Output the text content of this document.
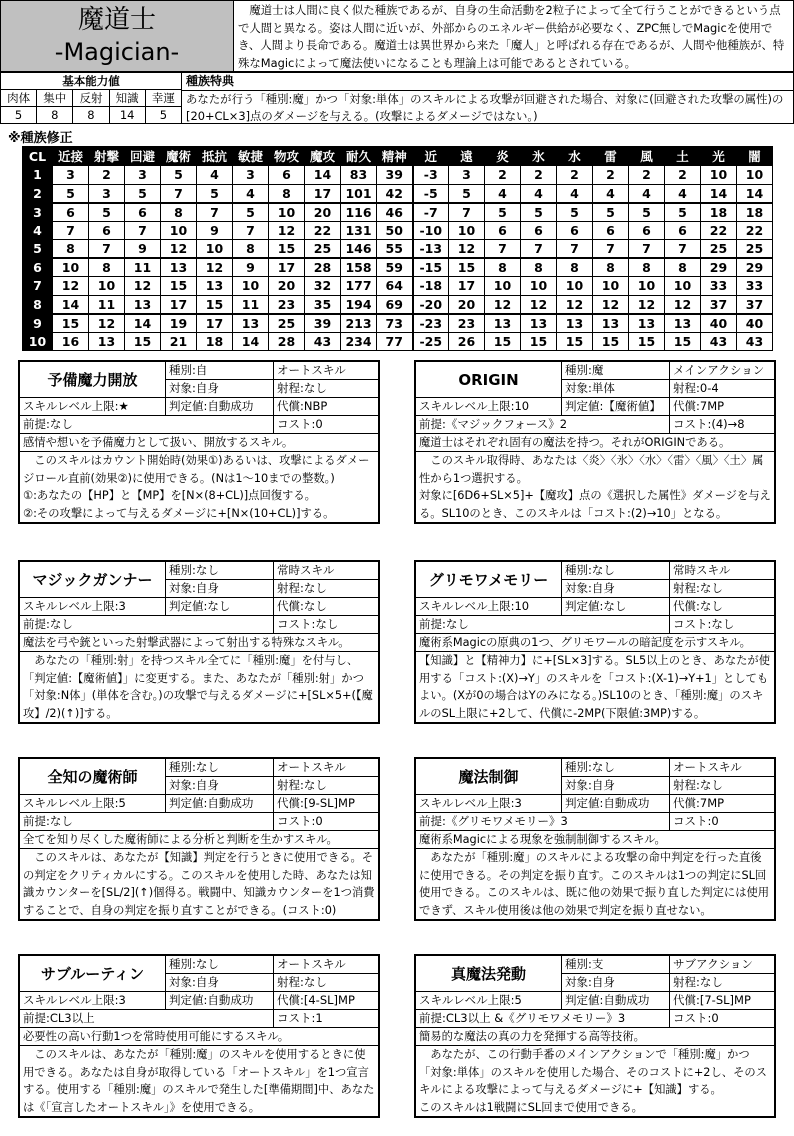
魔道士
-Magician-
魔道士は人間に良く似た種族であるが、自身の生命活動を2粒子によって全て行うことができるという点で人間と異なる。姿は人間に近いが、外部からのエネルギー供給が必要なく、ZPC無しでMagicを使用でき、人間より長命である。魔道士は異世界から来た「魔人」と呼ばれる存在であるが、人間や他種族が、特殊なMagicによって魔法使いになることも理論上は可能であるとされている。
基本能力値				
肉体	集中	反射	知識	幸運
5	8	8	14	5
種族特典
あなたが行う「種別:魔」かつ「対象:単体」のスキルによる攻撃が回避された場合、対象に(回避された攻撃の属性)の[20+CL×3]点のダメージを与える。(攻撃によるダメージではない。)
※種族修正
CL	近接	射撃	回避	魔術	抵抗	敏捷	物攻	魔攻	耐久	精神	近	遠	炎	氷	水	雷	風	土	光	闇
1	3	2	3	5	4	3	6	14	83	39	-3	3	2	2	2	2	2	2	10	10
2	5	3	5	7	5	4	8	17	101	42	-5	5	4	4	4	4	4	4	14	14
3	6	5	6	8	7	5	10	20	116	46	-7	7	5	5	5	5	5	5	18	18
4	7	6	7	10	9	7	12	22	131	50	-10	10	6	6	6	6	6	6	22	22
5	8	7	9	12	10	8	15	25	146	55	-13	12	7	7	7	7	7	7	25	25
6	10	8	11	13	12	9	17	28	158	59	-15	15	8	8	8	8	8	8	29	29
7	12	10	12	15	13	10	20	32	177	64	-18	17	10	10	10	10	10	10	33	33
8	14	11	13	17	15	11	23	35	194	69	-20	20	12	12	12	12	12	12	37	37
9	15	12	14	19	17	13	25	39	213	73	-23	23	13	13	13	13	13	13	40	40
10	16	13	15	21	18	14	28	43	234	77	-25	26	15	15	15	15	15	15	43	43
予備魔力開放
種別:自	オートスキル
対象:自身	射程:なし
スキルレベル上限:★	判定値:自動成功	代償:NBP
前提:なし	コスト:0
感情や想いを予備魔力として扱い、開放するスキル。
　このスキルはカウント開始時(効果①)あるいは、攻撃によるダメージロール直前(効果②)に使用できる。(Nは1～10までの整数。)
①:あなたの【HP】と【MP】を[N×(8+CL)]点回復する。
②:その攻撃によって与えるダメージに+[N×(10+CL)]する。
ORIGIN
種別:魔	メインアクション
対象:単体	射程:0-4
スキルレベル上限:10	判定値:【魔術値】	代償:7MP
前提:《マジックフォース》2	コスト:(4)→8
魔道士はそれぞれ固有の魔法を持つ。それがORIGINである。
　このスキル取得時、あなたは〈炎〉〈氷〉〈水〉〈雷〉〈風〉〈土〉属性から1つ選択する。
対象に[6D6+SL×5]+【魔攻】点の《選択した属性》ダメージを与える。SL10のとき、このスキルは「コスト:(2)→10」となる。
マジックガンナー
種別:なし	常時スキル
対象:自身	射程:なし
スキルレベル上限:3	判定値:なし	代償:なし
前提:なし	コスト:なし
魔法を弓や銃といった射撃武器によって射出する特殊なスキル。
　あなたの「種別:射」を持つスキル全てに「種別:魔」を付与し、「判定値:【魔術値】」に変更する。また、あなたが「種別:射」かつ「対象:N体」(単体を含む。)の攻撃で与えるダメージに+[SL×5+(【魔攻】/2)(↑)]する。
グリモワメモリー
種別:なし	常時スキル
対象:自身	射程:なし
スキルレベル上限:10	判定値:なし	代償:なし
前提:なし	コスト:なし
魔術系Magicの原典の1つ、グリモワールの暗記度を示すスキル。
【知識】と【精神力】に+[SL×3]する。SL5以上のとき、あなたが使用する「コスト:(X)→Y」のスキルを「コスト:(X-1)→Y+1」としてもよい。(Xが0の場合はYのみになる。)SL10のとき、「種別:魔」のスキルのSL上限に+2して、代償に-2MP(下限値:3MP)する。
全知の魔術師
種別:なし	オートスキル
対象:自身	射程:なし
スキルレベル上限:5	判定値:自動成功	代償:[9-SL]MP
前提:なし	コスト:0
全てを知り尽くした魔術師による分析と判断を生かすスキル。
　このスキルは、あなたが【知識】判定を行うときに使用できる。その判定をクリティカルにする。このスキルを使用した時、あなたは知識カウンターを[SL/2](↑)個得る。戦闘中、知識カウンターを1つ消費することで、自身の判定を振り直すことができる。(コスト:0)
魔法制御
種別:なし	オートスキル
対象:自身	射程:なし
スキルレベル上限:3	判定値:自動成功	代償:7MP
前提:《グリモワメモリー》3	コスト:0
魔術系Magicによる現象を強制制御するスキル。
　あなたが「種別:魔」のスキルによる攻撃の命中判定を行った直後に使用できる。その判定を振り直す。このスキルは1つの判定にSL回使用できる。このスキルは、既に他の効果で振り直した判定には使用できず、スキル使用後は他の効果で判定を振り直せない。
サブルーティン
種別:なし	オートスキル
対象:自身	射程:なし
スキルレベル上限:3	判定値:自動成功	代償:[4-SL]MP
前提:CL3以上	コスト:1
必要性の高い行動1つを常時使用可能にするスキル。
　このスキルは、あなたが「種別:魔」のスキルを使用するときに使用できる。あなたは自身が取得している「オートスキル」を1つ宣言する。使用する「種別:魔」のスキルで発生した[準備期間]中、あなたは《「宣言したオートスキル」》を使用できる。
真魔法発動
種別:支	サブアクション
対象:自身	射程:なし
スキルレベル上限:5	判定値:自動成功	代償:[7-SL]MP
前提:CL3以上 &《グリモワメモリー》3	コスト:0
簡易的な魔法の真の力を発揮する高等技術。
　あなたが、この行動手番のメインアクションで「種別:魔」かつ「対象:単体」のスキルを使用した場合、そのコストに+2し、そのスキルによる攻撃によって与えるダメージに+【知識】する。
このスキルは1戦闘にSL回まで使用できる。
